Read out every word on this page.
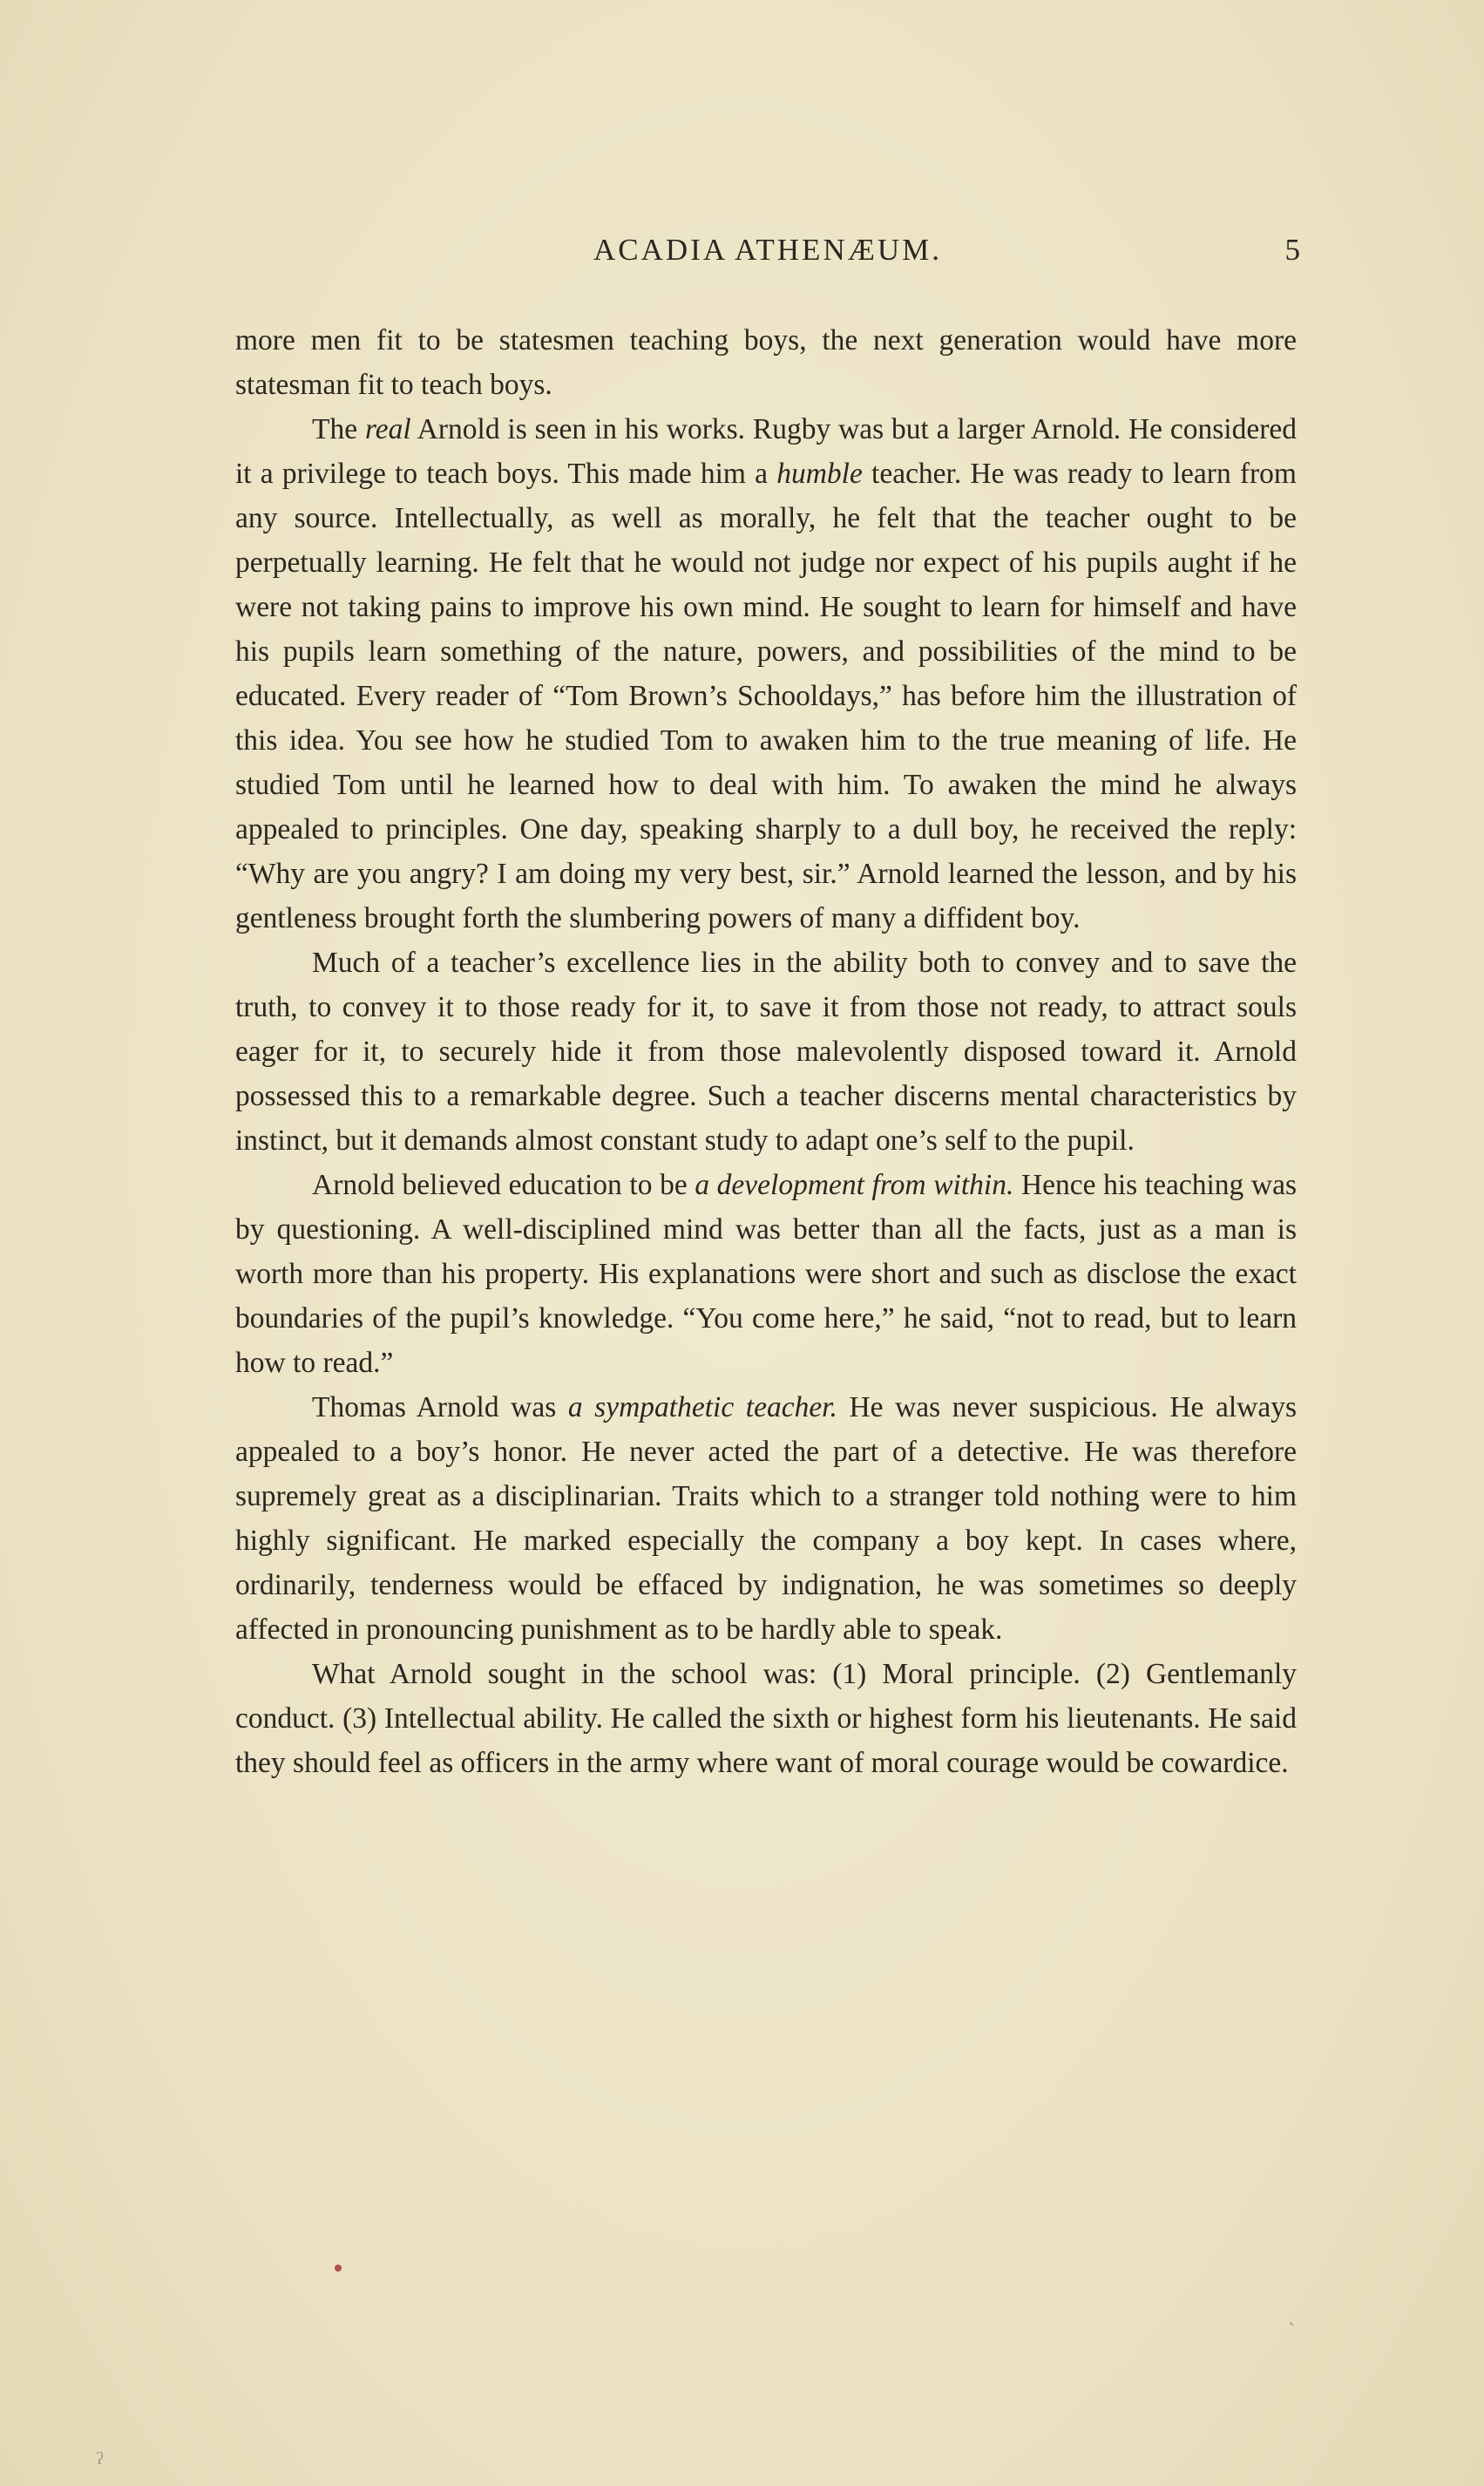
ACADIA ATHENÆUM.	5

more men fit to be statesmen teaching boys, the next generation would have more statesman fit to teach boys.

The real Arnold is seen in his works. Rugby was but a larger Arnold. He considered it a privilege to teach boys. This made him a humble teacher. He was ready to learn from any source. Intellectually, as well as morally, he felt that the teacher ought to be perpetually learning. He felt that he would not judge nor expect of his pupils aught if he were not taking pains to improve his own mind. He sought to learn for himself and have his pupils learn something of the nature, powers, and possibilities of the mind to be educated. Every reader of “Tom Brown’s Schooldays,” has before him the illustration of this idea. You see how he studied Tom to awaken him to the true meaning of life. He studied Tom until he learned how to deal with him. To awaken the mind he always appealed to principles. One day, speaking sharply to a dull boy, he received the reply: “Why are you angry? I am doing my very best, sir.” Arnold learned the lesson, and by his gentleness brought forth the slumbering powers of many a diffident boy.

Much of a teacher’s excellence lies in the ability both to convey and to save the truth, to convey it to those ready for it, to save it from those not ready, to attract souls eager for it, to securely hide it from those malevolently disposed toward it. Arnold possessed this to a remarkable degree. Such a teacher discerns mental characteristics by instinct, but it demands almost constant study to adapt one’s self to the pupil.

Arnold believed education to be a development from within. Hence his teaching was by questioning. A well-disciplined mind was better than all the facts, just as a man is worth more than his property. His explanations were short and such as disclose the exact boundaries of the pupil’s knowledge. “You come here,” he said, “not to read, but to learn how to read.”

Thomas Arnold was a sympathetic teacher. He was never suspicious. He always appealed to a boy’s honor. He never acted the part of a detective. He was therefore supremely great as a disciplinarian. Traits which to a stranger told nothing were to him highly significant. He marked especially the company a boy kept. In cases where, ordinarily, tenderness would be effaced by indignation, he was sometimes so deeply affected in pronouncing punishment as to be hardly able to speak.

What Arnold sought in the school was: (1) Moral principle. (2) Gentlemanly conduct. (3) Intellectual ability. He called the sixth or highest form his lieutenants. He said they should feel as officers in the army where want of moral courage would be cowardice.

ˎ
ʔ
